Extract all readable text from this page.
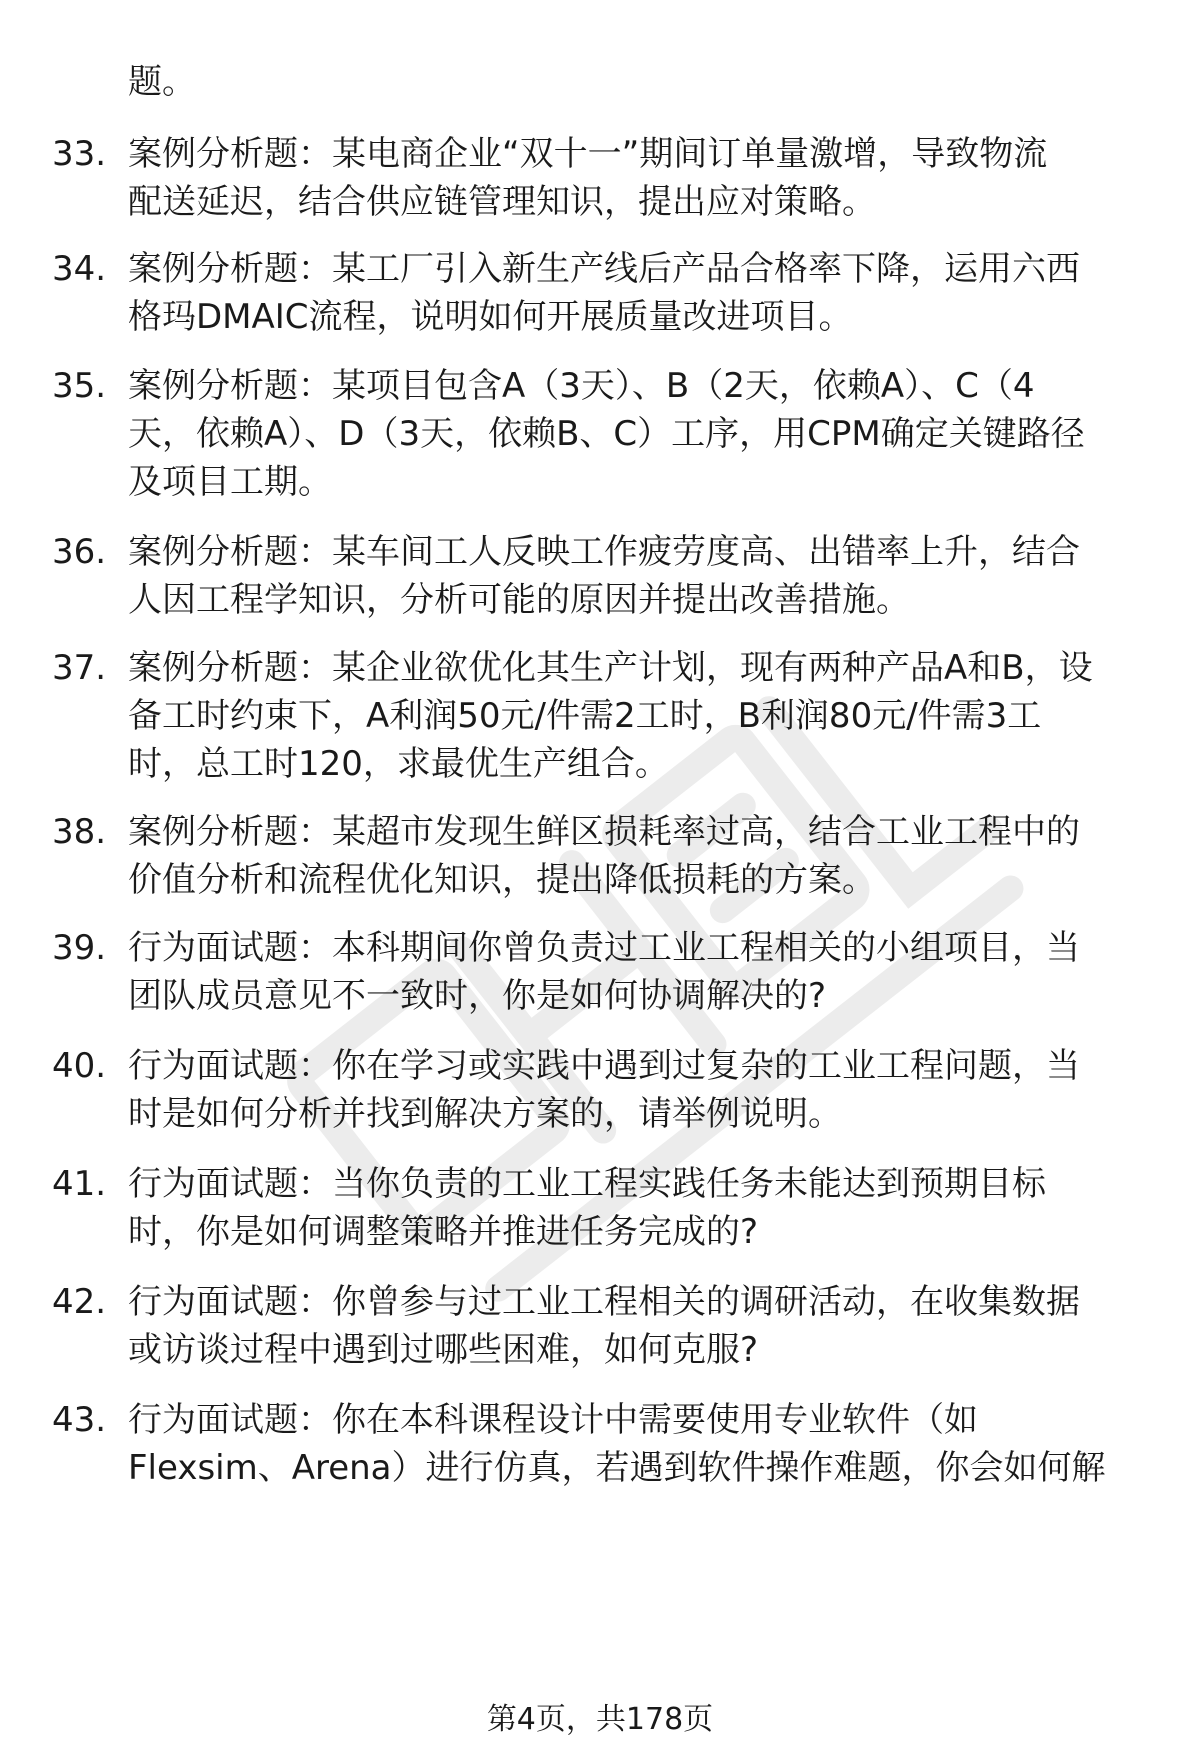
题。
33. 案例分析题：某电商企业“双十一”期间订单量激增，导致物流
配送延迟，结合供应链管理知识，提出应对策略。
34. 案例分析题：某工厂引入新生产线后产品合格率下降，运用六西
格玛DMAIC流程，说明如何开展质量改进项目。
35. 案例分析题：某项目包含A（3天）、B（2天，依赖A）、C（4
天，依赖A）、D（3天，依赖B、C）工序，用CPM确定关键路径
及项目工期。
36. 案例分析题：某车间工人反映工作疲劳度高、出错率上升，结合
人因工程学知识，分析可能的原因并提出改善措施。
37. 案例分析题：某企业欲优化其生产计划，现有两种产品A和B，设
备工时约束下，A利润50元/件需2工时，B利润80元/件需3工
时，总工时120，求最优生产组合。
38. 案例分析题：某超市发现生鲜区损耗率过高，结合工业工程中的
价值分析和流程优化知识，提出降低损耗的方案。
39. 行为面试题：本科期间你曾负责过工业工程相关的小组项目，当
团队成员意见不一致时，你是如何协调解决的?
40. 行为面试题：你在学习或实践中遇到过复杂的工业工程问题，当
时是如何分析并找到解决方案的，请举例说明。
41. 行为面试题：当你负责的工业工程实践任务未能达到预期目标
时，你是如何调整策略并推进任务完成的?
42. 行为面试题：你曾参与过工业工程相关的调研活动，在收集数据
或访谈过程中遇到过哪些困难，如何克服?
43. 行为面试题：你在本科课程设计中需要使用专业软件（如
Flexsim、Arena）进行仿真，若遇到软件操作难题，你会如何解
第4页，共178页
